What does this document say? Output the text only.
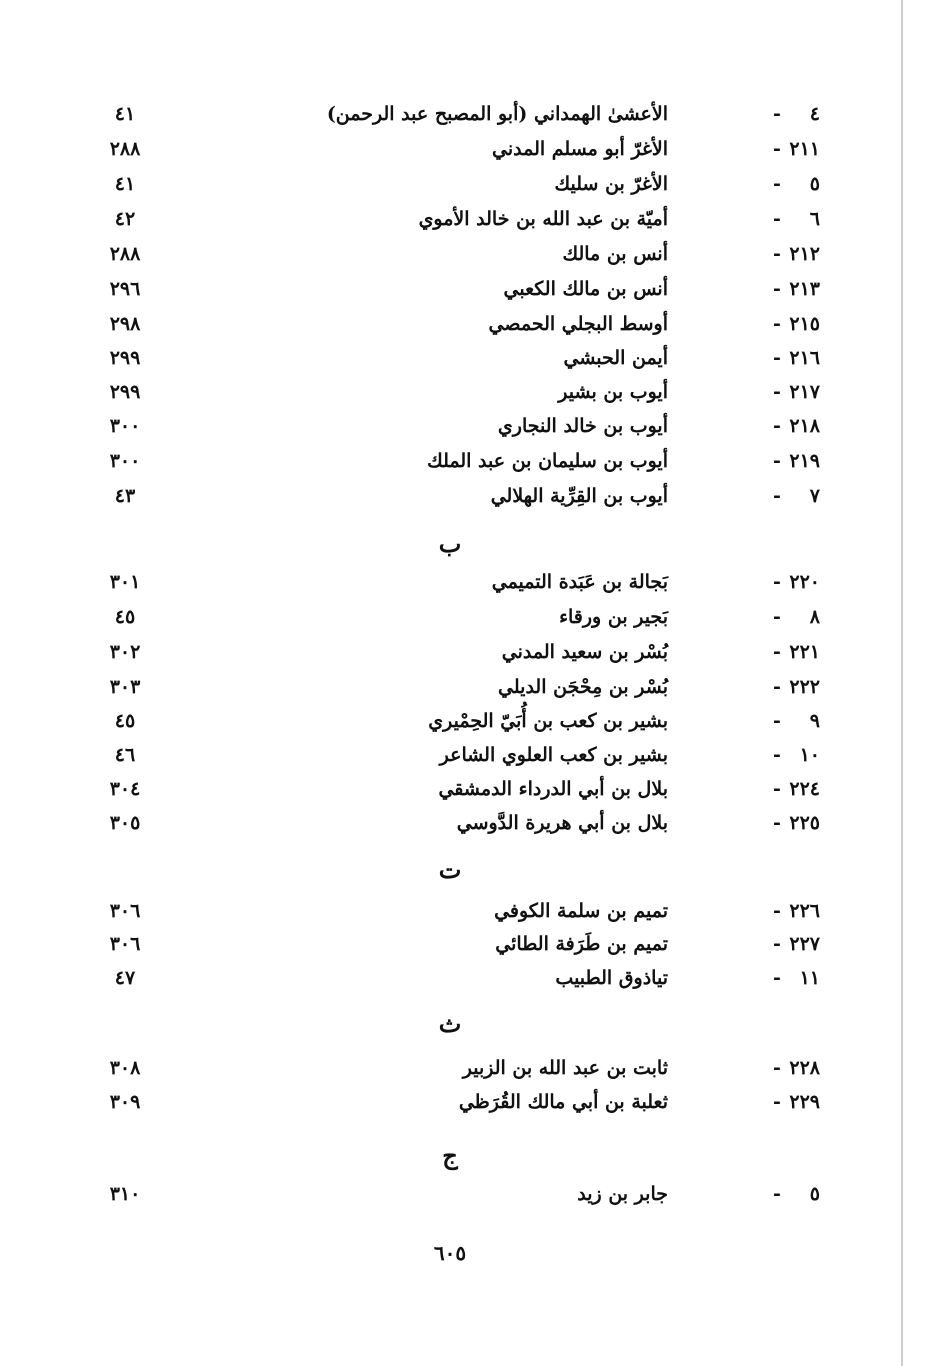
٤
-
الأعشىٰ الهمداني (أبو المصبح عبد الرحمن)
٤١
٢١١
-
الأغرّ أبو مسلم المدني
٢٨٨
٥
-
الأغرّ بن سليك
٤١
٦
-
أميّة بن عبد الله بن خالد الأموي
٤٢
٢١٢
-
أنس بن مالك
٢٨٨
٢١٣
-
أنس بن مالك الكعبي
٢٩٦
٢١٥
-
أوسط البجلي الحمصي
٢٩٨
٢١٦
-
أيمن الحبشي
٢٩٩
٢١٧
-
أيوب بن بشير
٢٩٩
٢١٨
-
أيوب بن خالد النجاري
٣٠٠
٢١٩
-
أيوب بن سليمان بن عبد الملك
٣٠٠
٧
-
أيوب بن القِرِّية الهلالي
٤٣
ب
٢٢٠
-
بَجالة بن عَبَدة التميمي
٣٠١
٨
-
بَجير بن ورقاء
٤٥
٢٢١
-
بُسْر بن سعيد المدني
٣٠٢
٢٢٢
-
بُسْر بن مِحْجَن الديلي
٣٠٣
٩
-
بشير بن كعب بن أُبَيّ الحِمْيري
٤٥
١٠
-
بشير بن كعب العلوي الشاعر
٤٦
٢٢٤
-
بلال بن أبي الدرداء الدمشقي
٣٠٤
٢٢٥
-
بلال بن أبي هريرة الدَّوسي
٣٠٥
ت
٢٢٦
-
تميم بن سلمة الكوفي
٣٠٦
٢٢٧
-
تميم بن طَرَفة الطائي
٣٠٦
١١
-
تياذوق الطبيب
٤٧
ث
٢٢٨
-
ثابت بن عبد الله بن الزبير
٣٠٨
٢٢٩
-
ثعلبة بن أبي مالك القُرَظي
٣٠٩
ج
٥
-
جابر بن زيد
٣١٠
٦٠٥
